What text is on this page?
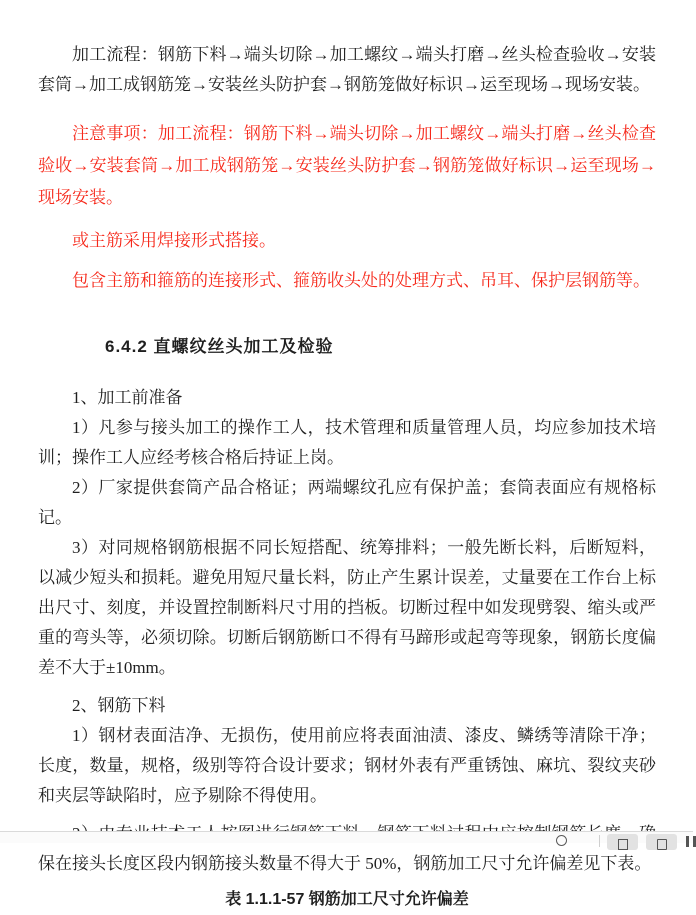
加工流程：钢筋下料→端头切除→加工螺纹→端头打磨→丝头检查验收→安装套筒→加工成钢筋笼→安装丝头防护套→钢筋笼做好标识→运至现场→现场安装。

注意事项：加工流程：钢筋下料→端头切除→加工螺纹→端头打磨→丝头检查验收→安装套筒→加工成钢筋笼→安装丝头防护套→钢筋笼做好标识→运至现场→现场安装。

或主筋采用焊接形式搭接。

包含主筋和箍筋的连接形式、箍筋收头处的处理方式、吊耳、保护层钢筋等。

6.4.2 直螺纹丝头加工及检验

1、加工前准备

1）凡参与接头加工的操作工人，技术管理和质量管理人员，均应参加技术培训；操作工人应经考核合格后持证上岗。

2）厂家提供套筒产品合格证；两端螺纹孔应有保护盖；套筒表面应有规格标记。

3）对同规格钢筋根据不同长短搭配、统筹排料；一般先断长料，后断短料，以减少短头和损耗。避免用短尺量长料，防止产生累计误差，丈量要在工作台上标出尺寸、刻度，并设置控制断料尺寸用的挡板。切断过程中如发现劈裂、缩头或严重的弯头等，必须切除。切断后钢筋断口不得有马蹄形或起弯等现象，钢筋长度偏差不大于±10mm。

2、钢筋下料

1）钢材表面洁净、无损伤，使用前应将表面油渍、漆皮、鳞绣等清除干净；长度，数量，规格，级别等符合设计要求；钢材外表有严重锈蚀、麻坑、裂纹夹砂和夹层等缺陷时，应予剔除不得使用。

保在接头长度区段内钢筋接头数量不得大于 50%，钢筋加工尺寸允许偏差见下表。

表 1.1.1-57 钢筋加工尺寸允许偏差
